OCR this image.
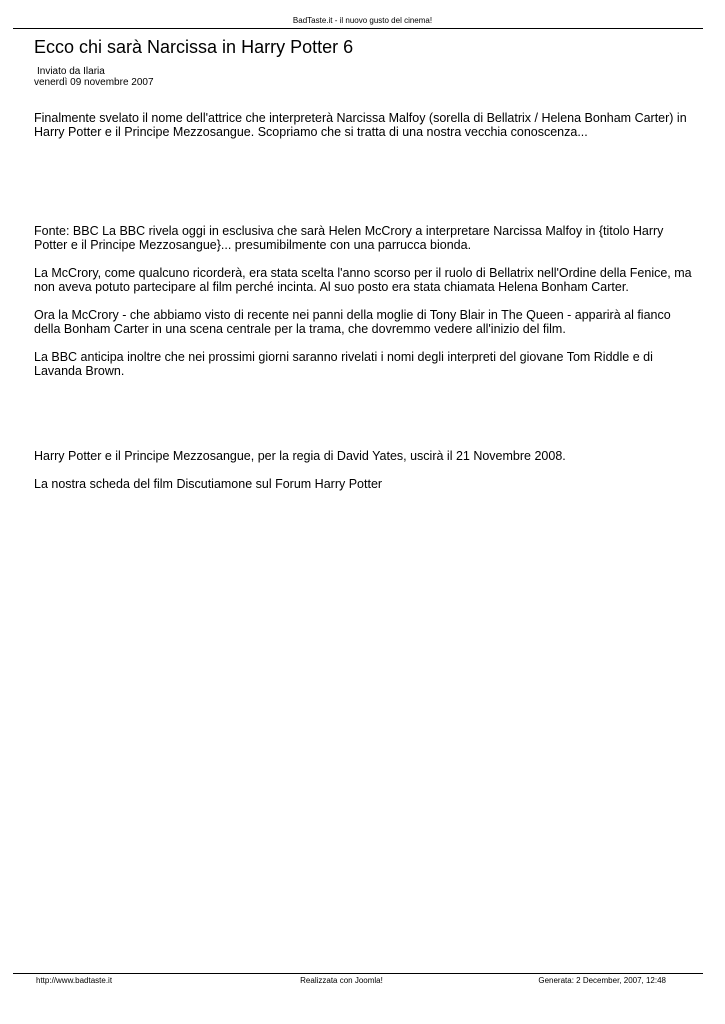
BadTaste.it - il nuovo gusto del cinema!
Ecco chi sarà Narcissa in Harry Potter 6
Inviato da Ilaria
venerdì 09 novembre 2007

Finalmente svelato il nome dell'attrice che interpreterà Narcissa Malfoy (sorella di Bellatrix / Helena Bonham Carter) in Harry Potter e il Principe Mezzosangue. Scopriamo che si tratta di una nostra vecchia conoscenza...

Fonte: BBC La BBC rivela oggi in esclusiva che sarà Helen McCrory a interpretare Narcissa Malfoy in {titolo Harry Potter e il Principe Mezzosangue}... presumibilmente con una parrucca bionda.

La McCrory, come qualcuno ricorderà, era stata scelta l'anno scorso per il ruolo di Bellatrix nell'Ordine della Fenice, ma non aveva potuto partecipare al film perché incinta. Al suo posto era stata chiamata Helena Bonham Carter.

Ora la McCrory - che abbiamo visto di recente nei panni della moglie di Tony Blair in The Queen - apparirà al fianco della Bonham Carter in una scena centrale per la trama, che dovremmo vedere all'inizio del film.

La BBC anticipa inoltre che nei prossimi giorni saranno rivelati i nomi degli interpreti del giovane Tom Riddle e di Lavanda Brown.

Harry Potter e il Principe Mezzosangue, per la regia di David Yates, uscirà il 21 Novembre 2008.

La nostra scheda del film Discutiamone sul Forum Harry Potter

http://www.badtaste.it	Realizzata con Joomla!	Generata: 2 December, 2007, 12:48
